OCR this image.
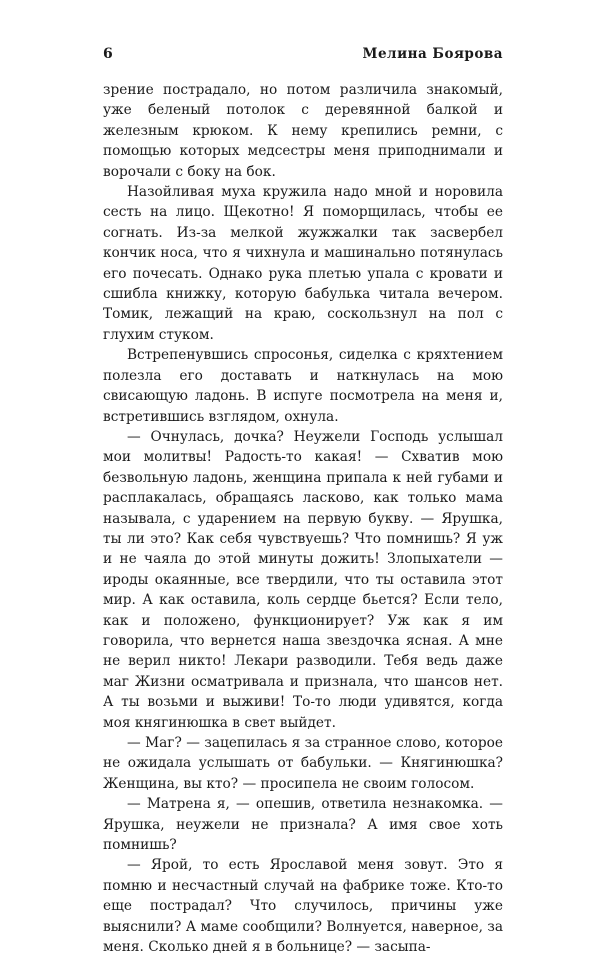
6	Мелина Боярова

зрение пострадало, но потом различила знакомый, уже беленый потолок с деревянной балкой и железным крюком. К нему крепились ремни, с помощью которых медсестры меня приподнимали и ворочали с боку на бок.

Назойливая муха кружила надо мной и норовила сесть на лицо. Щекотно! Я поморщилась, чтобы ее согнать. Из-за мелкой жужжалки так засвербел кончик носа, что я чихнула и машинально потянулась его почесать. Однако рука плетью упала с кровати и сшибла книжку, которую бабулька читала вечером. Томик, лежащий на краю, соскользнул на пол с глухим стуком.

Встрепенувшись спросонья, сиделка с кряхтением полезла его доставать и наткнулась на мою свисающую ладонь. В испуге посмотрела на меня и, встретившись взглядом, охнула.

— Очнулась, дочка? Неужели Господь услышал мои молитвы! Радость-то какая! — Схватив мою безвольную ладонь, женщина припала к ней губами и расплакалась, обращаясь ласково, как только мама называла, с ударением на первую букву. — Ярушка, ты ли это? Как себя чувствуешь? Что помнишь? Я уж и не чаяла до этой минуты дожить! Злопыхатели — ироды окаянные, все твердили, что ты оставила этот мир. А как оставила, коль сердце бьется? Если тело, как и положено, функционирует? Уж как я им говорила, что вернется наша звездочка ясная. А мне не верил никто! Лекари разводили. Тебя ведь даже маг Жизни осматривала и признала, что шансов нет. А ты возьми и выживи! То-то люди удивятся, когда моя княгинюшка в свет выйдет.

— Маг? — зацепилась я за странное слово, которое не ожидала услышать от бабульки. — Княгинюшка? Женщина, вы кто? — просипела не своим голосом.

— Матрена я, — опешив, ответила незнакомка. — Ярушка, неужели не признала? А имя свое хоть помнишь?

— Ярой, то есть Ярославой меня зовут. Это я помню и несчастный случай на фабрике тоже. Кто-то еще пострадал? Что случилось, причины уже выяснили? А маме сообщили? Волнуется, наверное, за меня. Сколько дней я в больнице? — засыпа-
